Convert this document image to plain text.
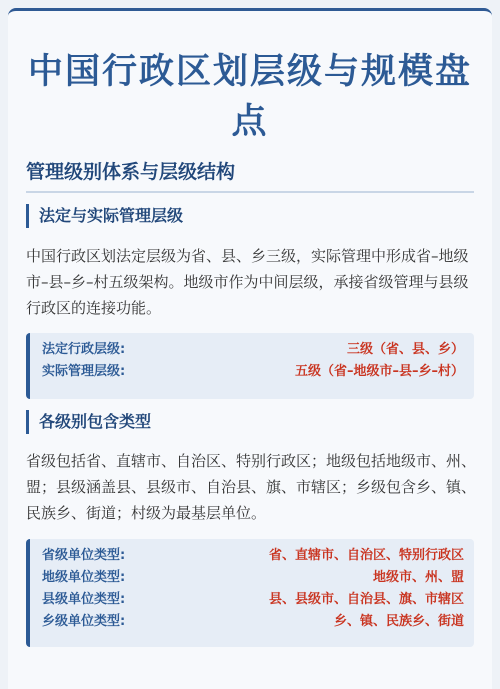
中国行政区划层级与规模盘
点
管理级别体系与层级结构
法定与实际管理层级
中国行政区划法定层级为省、县、乡三级，实际管理中形成省–地级市–县–乡–村五级架构。地级市作为中间层级，承接省级管理与县级行政区的连接功能。
法定行政层级:	三级（省、县、乡）
实际管理层级:	五级（省–地级市–县–乡–村）
各级别包含类型
省级包括省、直辖市、自治区、特别行政区；地级包括地级市、州、盟；县级涵盖县、县级市、自治县、旗、市辖区；乡级包含乡、镇、民族乡、街道；村级为最基层单位。
省级单位类型:	省、直辖市、自治区、特别行政区
地级单位类型:	地级市、州、盟
县级单位类型:	县、县级市、自治县、旗、市辖区
乡级单位类型:	乡、镇、民族乡、街道
